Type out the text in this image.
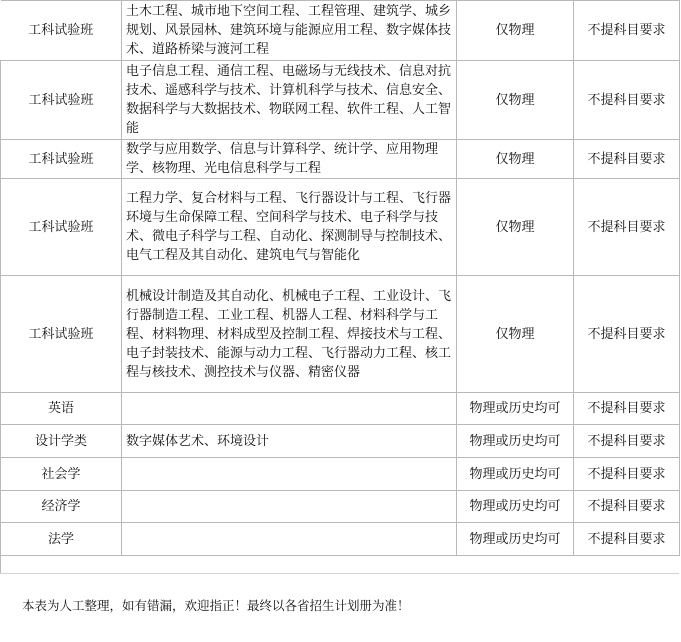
工科试验班	土木工程、城市地下空间工程、工程管理、建筑学、城乡规划、风景园林、建筑环境与能源应用工程、数字媒体技术、道路桥梁与渡河工程	仅物理	不提科目要求
工科试验班	电子信息工程、通信工程、电磁场与无线技术、信息对抗技术、遥感科学与技术、计算机科学与技术、信息安全、数据科学与大数据技术、物联网工程、软件工程、人工智能	仅物理	不提科目要求
工科试验班	数学与应用数学、信息与计算科学、统计学、应用物理学、核物理、光电信息科学与工程	仅物理	不提科目要求
工科试验班	工程力学、复合材料与工程、飞行器设计与工程、飞行器环境与生命保障工程、空间科学与技术、电子科学与技术、微电子科学与工程、自动化、探测制导与控制技术、电气工程及其自动化、建筑电气与智能化	仅物理	不提科目要求
工科试验班	机械设计制造及其自动化、机械电子工程、工业设计、飞行器制造工程、工业工程、机器人工程、材料科学与工程、材料物理、材料成型及控制工程、焊接技术与工程、电子封装技术、能源与动力工程、飞行器动力工程、核工程与核技术、测控技术与仪器、精密仪器	仅物理	不提科目要求
英语		物理或历史均可	不提科目要求
设计学类	数字媒体艺术、环境设计	物理或历史均可	不提科目要求
社会学		物理或历史均可	不提科目要求
经济学		物理或历史均可	不提科目要求
法学		物理或历史均可	不提科目要求
本表为人工整理，如有错漏，欢迎指正！最终以各省招生计划册为准！
